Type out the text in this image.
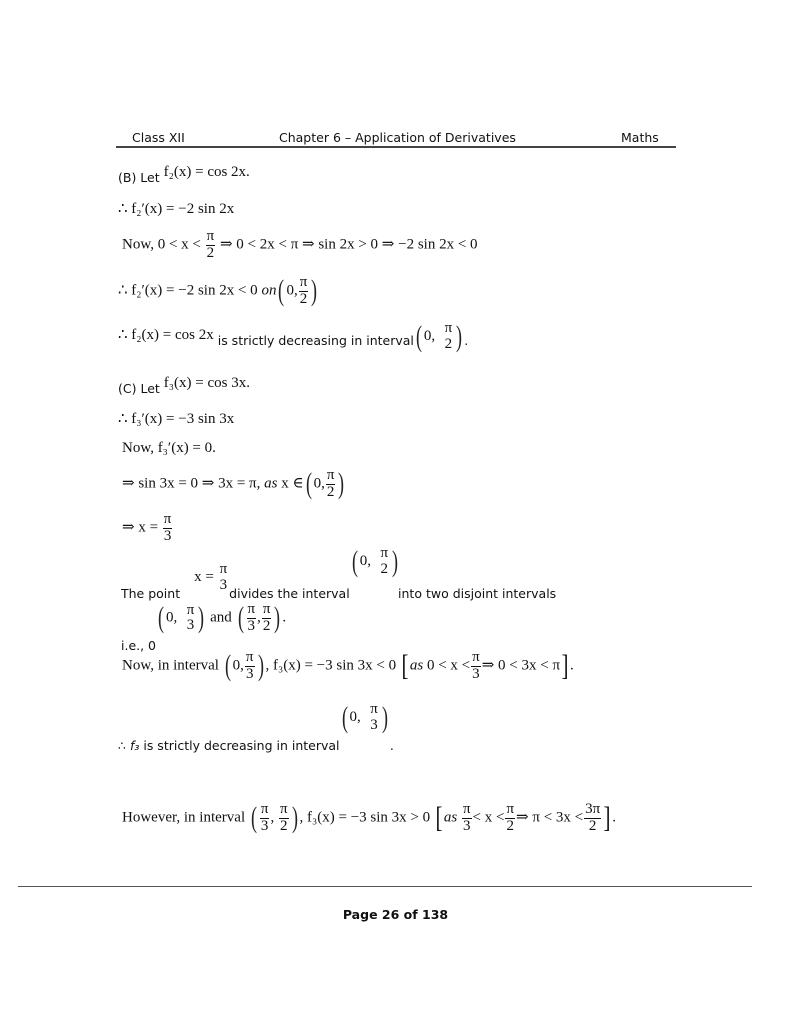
Class XII	Chapter 6 – Application of Derivatives	Maths
$_{(B) Let}$ f₂(x) = cos 2x.
∴ f₂′(x) = −2 sin 2x
Now, $0 < x < \frac{\pi}{2}$ ⇒ 0 < 2x < π ⇒ sin 2x > 0 ⇒ −2 sin 2x < 0
∴ f₂′(x) = −2 sin 2x < 0 on( 0, $\frac{\pi}{2}$ )
∴ f₂(x) = cos 2x $_{is strictly decreasing in interval}$( 0,
π
2 ) $_.$
$_{(C) Let}$ f₃(x) = cos 3x.
∴ f₃′(x) = −3 sin 3x
Now, f₃′(x) = 0.
⇒ sin 3x = 0 ⇒ 3x = π, as x ∈( 0, $\frac{\pi}{2}$ )
⇒ $x = \frac{\pi}{3}$
$_{The point}$ x =
π
3
$_{divides the interval}$( 0,
π
2 )$_{into two disjoint intervals}$
$_{i.e., 0}$( 0,
π
3 ) and ( $\frac{\pi}{3}$ , $\frac{\pi}{2}$ ) .
Now, in interval ( 0, $\frac{\pi}{3}$ ) , f₃(x) = −3 sin 3x < 0 [ as $0 < x < \frac{\pi}{3}$ ⇒ 0 < 3x < π] .
$_{\therefore f_3 is strictly decreasing in interval}$( 0,
π
3 )$_.$
However, in interval ( $\frac{\pi}{3}$ , $\frac{\pi}{2}$ ) , f₃(x) = −3 sin 3x > 0 [ as $\frac{\pi}{3} < x < \frac{\pi}{2}$ ⇒ $\pi < 3x < \frac{3\pi}{2}$ ] .
Page 26 of 138
